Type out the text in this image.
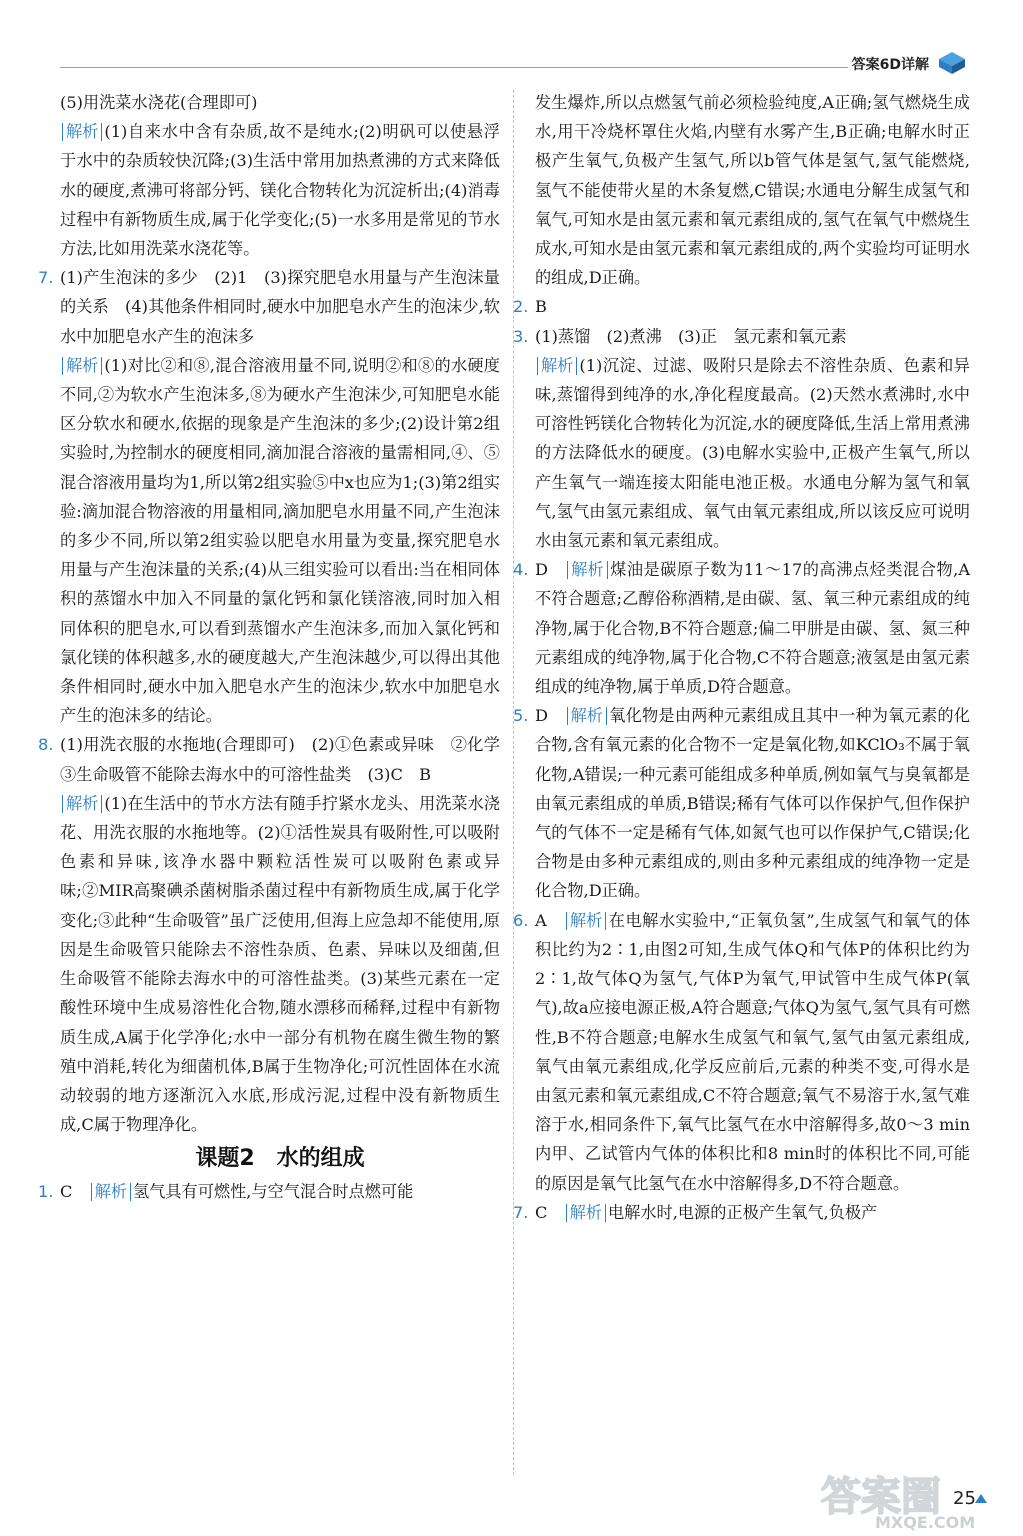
答案6D详解
(5)用洗菜水浇花(合理即可)
解析 (1)自来水中含有杂质,故不是纯水;(2)明矾可以使悬浮于水中的杂质较快沉降;(3)生活中常用加热煮沸的方式来降低水的硬度,煮沸可将部分钙、镁化合物转化为沉淀析出;(4)消毒过程中有新物质生成,属于化学变化;(5)一水多用是常见的节水方法,比如用洗菜水浇花等。
7. (1)产生泡沫的多少　(2)1　(3)探究肥皂水用量与产生泡沫量的关系　(4)其他条件相同时,硬水中加肥皂水产生的泡沫少,软水中加肥皂水产生的泡沫多
解析 (1)对比②和⑧,混合溶液用量不同,说明②和⑧的水硬度不同,②为软水产生泡沫多,⑧为硬水产生泡沫少,可知肥皂水能区分软水和硬水,依据的现象是产生泡沫的多少;(2)设计第2组实验时,为控制水的硬度相同,滴加混合溶液的量需相同,④、⑤混合溶液用量均为1,所以第2组实验⑤中x也应为1;(3)第2组实验:滴加混合物溶液的用量相同,滴加肥皂水用量不同,产生泡沫的多少不同,所以第2组实验以肥皂水用量为变量,探究肥皂水用量与产生泡沫量的关系;(4)从三组实验可以看出:当在相同体积的蒸馏水中加入不同量的氯化钙和氯化镁溶液,同时加入相同体积的肥皂水,可以看到蒸馏水产生泡沫多,而加入氯化钙和氯化镁的体积越多,水的硬度越大,产生泡沫越少,可以得出其他条件相同时,硬水中加入肥皂水产生的泡沫少,软水中加肥皂水产生的泡沫多的结论。
8. (1)用洗衣服的水拖地(合理即可)　(2)①色素或异味　②化学　③生命吸管不能除去海水中的可溶性盐类　(3)C　B
解析 (1)在生活中的节水方法有随手拧紧水龙头、用洗菜水浇花、用洗衣服的水拖地等。(2)①活性炭具有吸附性,可以吸附色素和异味,该净水器中颗粒活性炭可以吸附色素或异味;②MIR高聚碘杀菌树脂杀菌过程中有新物质生成,属于化学变化;③此种“生命吸管”虽广泛使用,但海上应急却不能使用,原因是生命吸管只能除去不溶性杂质、色素、异味以及细菌,但生命吸管不能除去海水中的可溶性盐类。(3)某些元素在一定酸性环境中生成易溶性化合物,随水漂移而稀释,过程中有新物质生成,A属于化学净化;水中一部分有机物在腐生微生物的繁殖中消耗,转化为细菌机体,B属于生物净化;可沉性固体在水流动较弱的地方逐渐沉入水底,形成污泥,过程中没有新物质生成,C属于物理净化。
课题2　水的组成
1. C　 解析 氢气具有可燃性,与空气混合时点燃可能
发生爆炸,所以点燃氢气前必须检验纯度,A正确;氢气燃烧生成水,用干冷烧杯罩住火焰,内壁有水雾产生,B正确;电解水时正极产生氧气,负极产生氢气,所以b管气体是氢气,氢气能燃烧,氢气不能使带火星的木条复燃,C错误;水通电分解生成氢气和氧气,可知水是由氢元素和氧元素组成的,氢气在氧气中燃烧生成水,可知水是由氢元素和氧元素组成的,两个实验均可证明水的组成,D正确。
2. B
3. (1)蒸馏　(2)煮沸　(3)正　氢元素和氧元素
解析 (1)沉淀、过滤、吸附只是除去不溶性杂质、色素和异味,蒸馏得到纯净的水,净化程度最高。(2)天然水煮沸时,水中可溶性钙镁化合物转化为沉淀,水的硬度降低,生活上常用煮沸的方法降低水的硬度。(3)电解水实验中,正极产生氧气,所以产生氧气一端连接太阳能电池正极。水通电分解为氢气和氧气,氢气由氢元素组成、氧气由氧元素组成,所以该反应可说明水由氢元素和氧元素组成。
4. D　 解析 煤油是碳原子数为11～17的高沸点烃类混合物,A不符合题意;乙醇俗称酒精,是由碳、氢、氧三种元素组成的纯净物,属于化合物,B不符合题意;偏二甲肼是由碳、氢、氮三种元素组成的纯净物,属于化合物,C不符合题意;液氢是由氢元素组成的纯净物,属于单质,D符合题意。
5. D　 解析 氧化物是由两种元素组成且其中一种为氧元素的化合物,含有氧元素的化合物不一定是氧化物,如KClO₃不属于氧化物,A错误;一种元素可能组成多种单质,例如氧气与臭氧都是由氧元素组成的单质,B错误;稀有气体可以作保护气,但作保护气的气体不一定是稀有气体,如氮气也可以作保护气,C错误;化合物是由多种元素组成的,则由多种元素组成的纯净物一定是化合物,D正确。
6. A　 解析 在电解水实验中,“正氧负氢”,生成氢气和氧气的体积比约为2∶1,由图2可知,生成气体Q和气体P的体积比约为2∶1,故气体Q为氢气,气体P为氧气,甲试管中生成气体P(氧气),故a应接电源正极,A符合题意;气体Q为氢气,氢气具有可燃性,B不符合题意;电解水生成氢气和氧气,氢气由氢元素组成,氧气由氧元素组成,化学反应前后,元素的种类不变,可得水是由氢元素和氧元素组成,C不符合题意;氧气不易溶于水,氢气难溶于水,相同条件下,氧气比氢气在水中溶解得多,故0～3 min内甲、乙试管内气体的体积比和8 min时的体积比不同,可能的原因是氧气比氢气在水中溶解得多,D不符合题意。
7. C　 解析 电解水时,电源的正极产生氧气,负极产
25
答案圈
MXQE.COM
